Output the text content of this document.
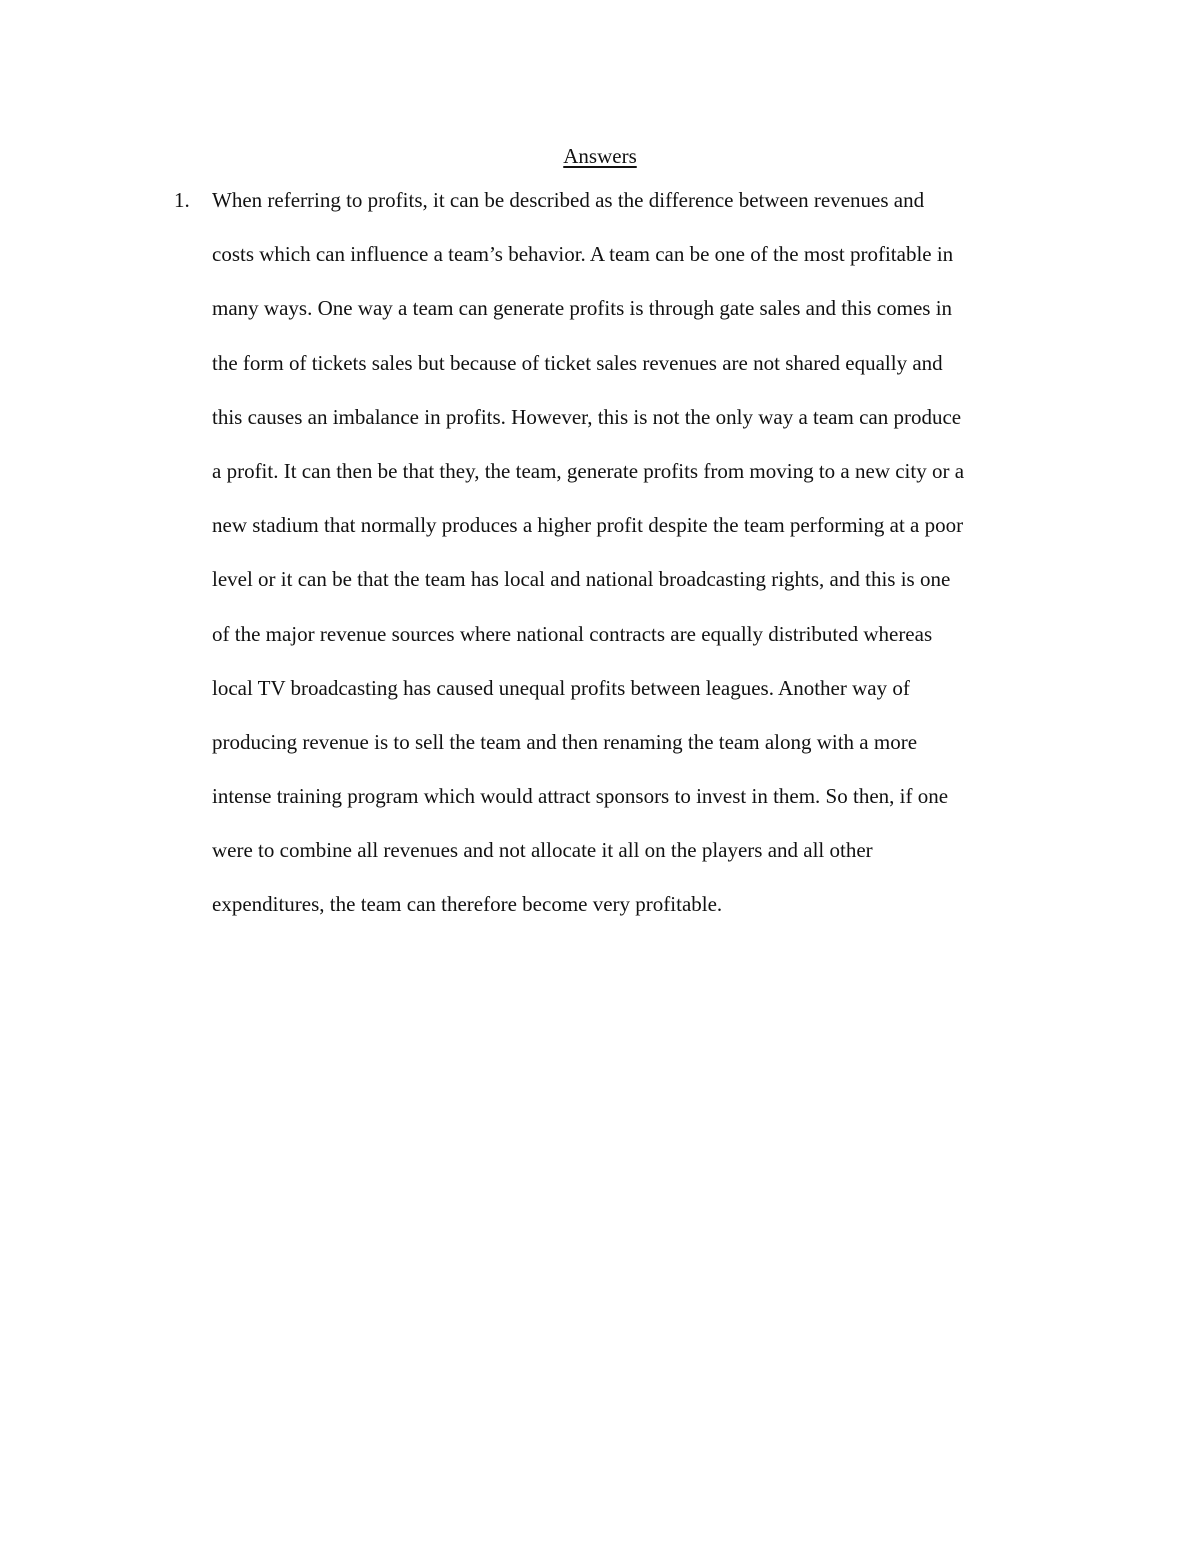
Answers
1. When referring to profits, it can be described as the difference between revenues and
costs which can influence a team’s behavior. A team can be one of the most profitable in
many ways. One way a team can generate profits is through gate sales and this comes in
the form of tickets sales but because of ticket sales revenues are not shared equally and
this causes an imbalance in profits. However, this is not the only way a team can produce
a profit. It can then be that they, the team, generate profits from moving to a new city or a
new stadium that normally produces a higher profit despite the team performing at a poor
level or it can be that the team has local and national broadcasting rights, and this is one
of the major revenue sources where national contracts are equally distributed whereas
local TV broadcasting has caused unequal profits between leagues. Another way of
producing revenue is to sell the team and then renaming the team along with a more
intense training program which would attract sponsors to invest in them. So then, if one
were to combine all revenues and not allocate it all on the players and all other
expenditures, the team can therefore become very profitable.
